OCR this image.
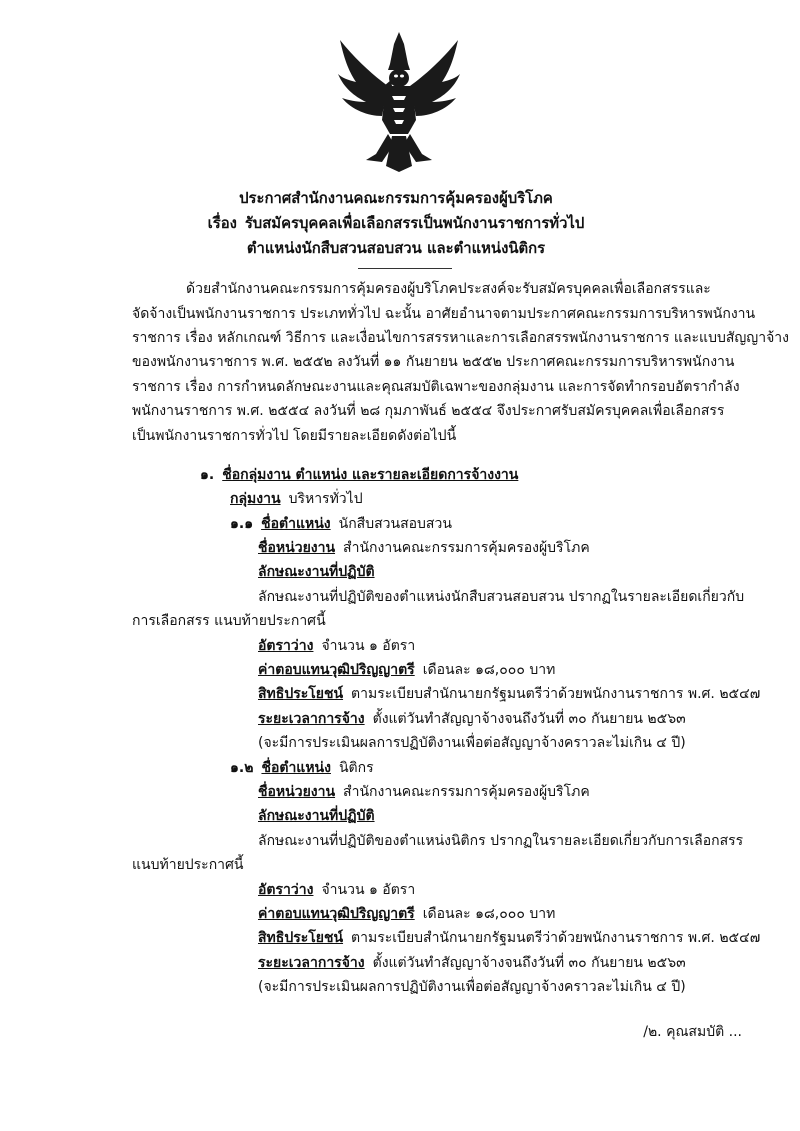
ประกาศสำนักงานคณะกรรมการคุ้มครองผู้บริโภค
เรื่อง รับสมัครบุคคลเพื่อเลือกสรรเป็นพนักงานราชการทั่วไป
ตำแหน่งนักสืบสวนสอบสวน และตำแหน่งนิติกร
ด้วยสำนักงานคณะกรรมการคุ้มครองผู้บริโภคประสงค์จะรับสมัครบุคคลเพื่อเลือกสรรและ
จัดจ้างเป็นพนักงานราชการ ประเภททั่วไป ฉะนั้น อาศัยอำนาจตามประกาศคณะกรรมการบริหารพนักงาน
ราชการ เรื่อง หลักเกณฑ์ วิธีการ และเงื่อนไขการสรรหาและการเลือกสรรพนักงานราชการ และแบบสัญญาจ้าง
ของพนักงานราชการ พ.ศ. ๒๕๕๒ ลงวันที่ ๑๑ กันยายน ๒๕๕๒ ประกาศคณะกรรมการบริหารพนักงาน
ราชการ เรื่อง การกำหนดลักษณะงานและคุณสมบัติเฉพาะของกลุ่มงาน และการจัดทำกรอบอัตรากำลัง
พนักงานราชการ พ.ศ. ๒๕๕๔ ลงวันที่ ๒๘ กุมภาพันธ์ ๒๕๕๔ จึงประกาศรับสมัครบุคคลเพื่อเลือกสรร
เป็นพนักงานราชการทั่วไป โดยมีรายละเอียดดังต่อไปนี้
๑. ชื่อกลุ่มงาน ตำแหน่ง และรายละเอียดการจ้างงาน
กลุ่มงาน บริหารทั่วไป
๑.๑ ชื่อตำแหน่ง นักสืบสวนสอบสวน
ชื่อหน่วยงาน สำนักงานคณะกรรมการคุ้มครองผู้บริโภค
ลักษณะงานที่ปฏิบัติ
ลักษณะงานที่ปฏิบัติของตำแหน่งนักสืบสวนสอบสวน ปรากฏในรายละเอียดเกี่ยวกับ
การเลือกสรร แนบท้ายประกาศนี้
อัตราว่าง จำนวน ๑ อัตรา
ค่าตอบแทนวุฒิปริญญาตรี เดือนละ ๑๘,๐๐๐ บาท
สิทธิประโยชน์ ตามระเบียบสำนักนายกรัฐมนตรีว่าด้วยพนักงานราชการ พ.ศ. ๒๕๔๗
ระยะเวลาการจ้าง ตั้งแต่วันทำสัญญาจ้างจนถึงวันที่ ๓๐ กันยายน ๒๕๖๓
(จะมีการประเมินผลการปฏิบัติงานเพื่อต่อสัญญาจ้างคราวละไม่เกิน ๔ ปี)
๑.๒ ชื่อตำแหน่ง นิติกร
ชื่อหน่วยงาน สำนักงานคณะกรรมการคุ้มครองผู้บริโภค
ลักษณะงานที่ปฏิบัติ
ลักษณะงานที่ปฏิบัติของตำแหน่งนิติกร ปรากฏในรายละเอียดเกี่ยวกับการเลือกสรร
แนบท้ายประกาศนี้
อัตราว่าง จำนวน ๑ อัตรา
ค่าตอบแทนวุฒิปริญญาตรี เดือนละ ๑๘,๐๐๐ บาท
สิทธิประโยชน์ ตามระเบียบสำนักนายกรัฐมนตรีว่าด้วยพนักงานราชการ พ.ศ. ๒๕๔๗
ระยะเวลาการจ้าง ตั้งแต่วันทำสัญญาจ้างจนถึงวันที่ ๓๐ กันยายน ๒๕๖๓
(จะมีการประเมินผลการปฏิบัติงานเพื่อต่อสัญญาจ้างคราวละไม่เกิน ๔ ปี)
/๒. คุณสมบัติ ...
